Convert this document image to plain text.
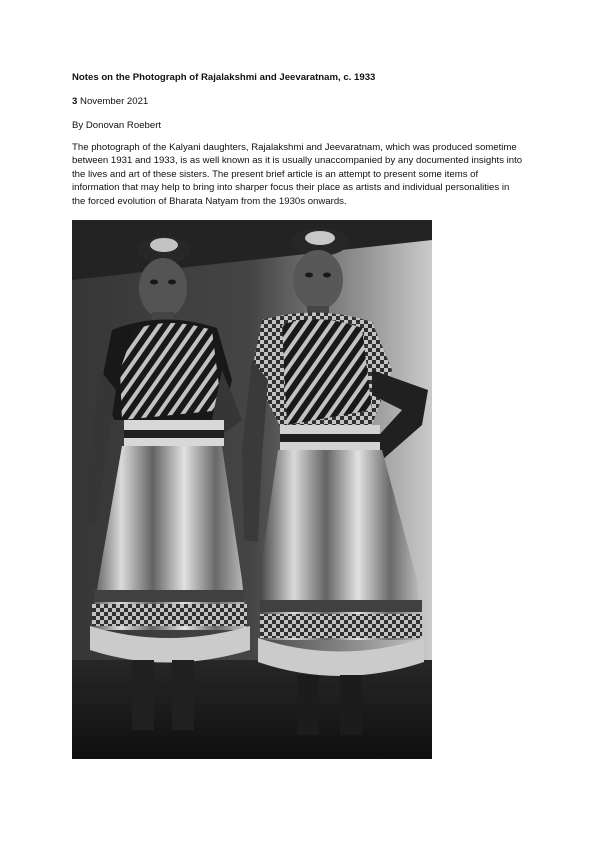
Notes on the Photograph of Rajalakshmi and Jeevaratnam, c. 1933
3 November 2021
By Donovan Roebert

The photograph of the Kalyani daughters, Rajalakshmi and Jeevaratnam, which was produced sometime between 1931 and 1933, is as well known as it is usually unaccompanied by any documented insights into the lives and art of these sisters. The present brief article is an attempt to present some items of information that may help to bring into sharper focus their place as artists and individual personalities in the forced evolution of Bharata Natyam from the 1930s onwards.
